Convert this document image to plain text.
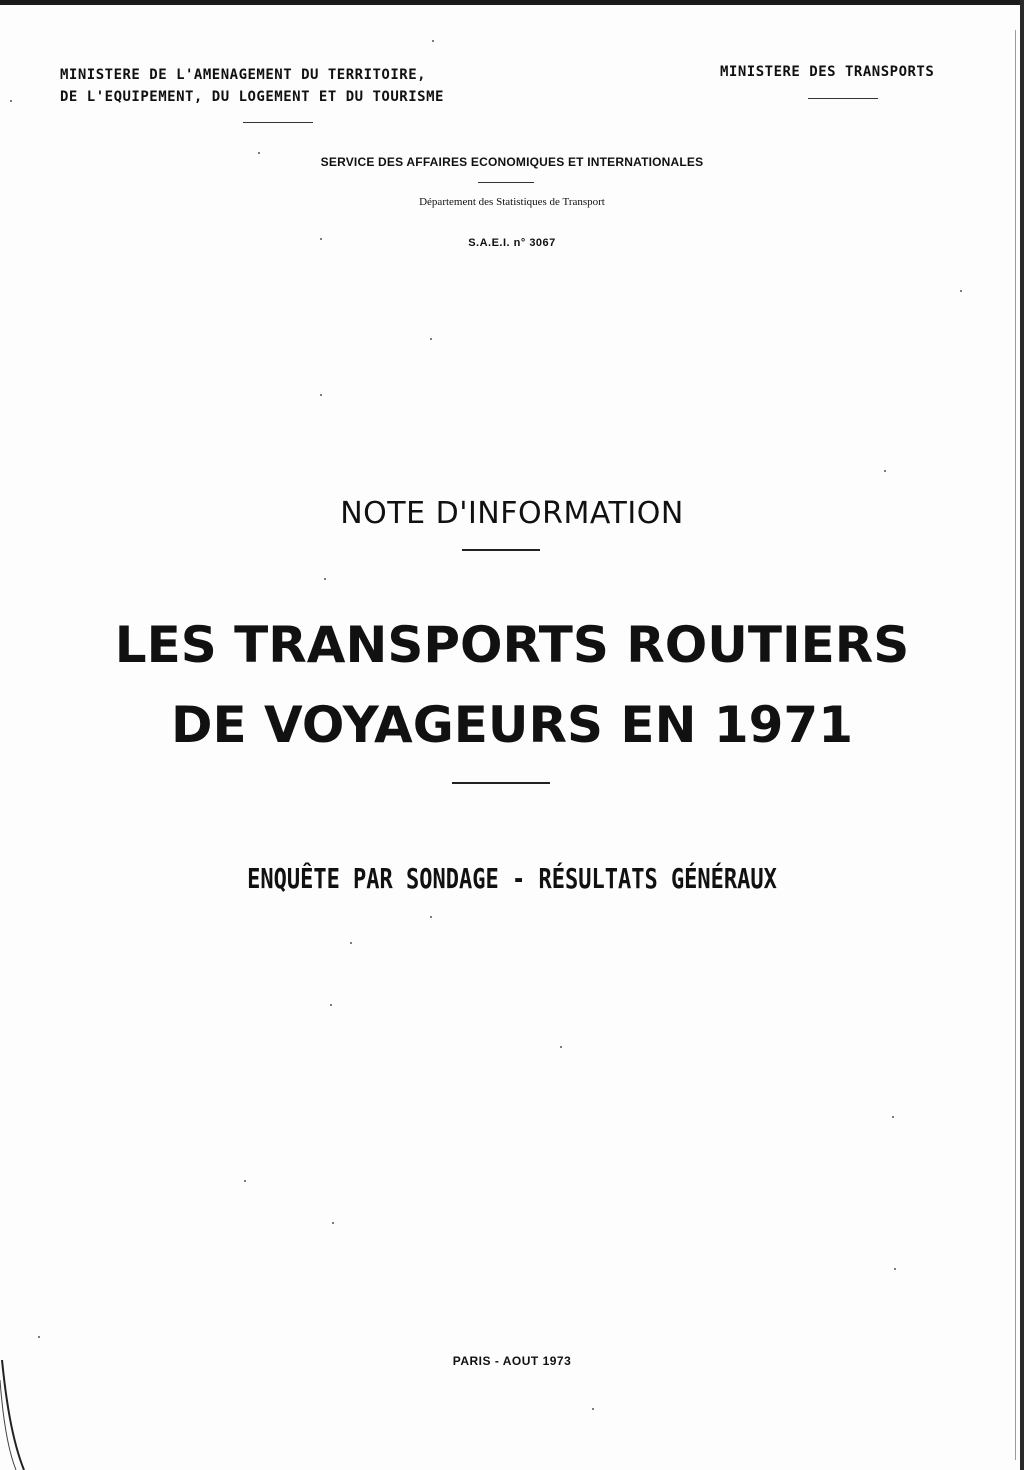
MINISTERE DE L'AMENAGEMENT DU TERRITOIRE,
DE L'EQUIPEMENT, DU LOGEMENT ET DU TOURISME
MINISTERE DES TRANSPORTS
SERVICE DES AFFAIRES ECONOMIQUES ET INTERNATIONALES
Département des Statistiques de Transport
S.A.E.I. n° 3067
NOTE D'INFORMATION
LES TRANSPORTS ROUTIERS
DE VOYAGEURS EN 1971
ENQUÊTE PAR SONDAGE - RÉSULTATS GÉNÉRAUX
PARIS - AOUT 1973
